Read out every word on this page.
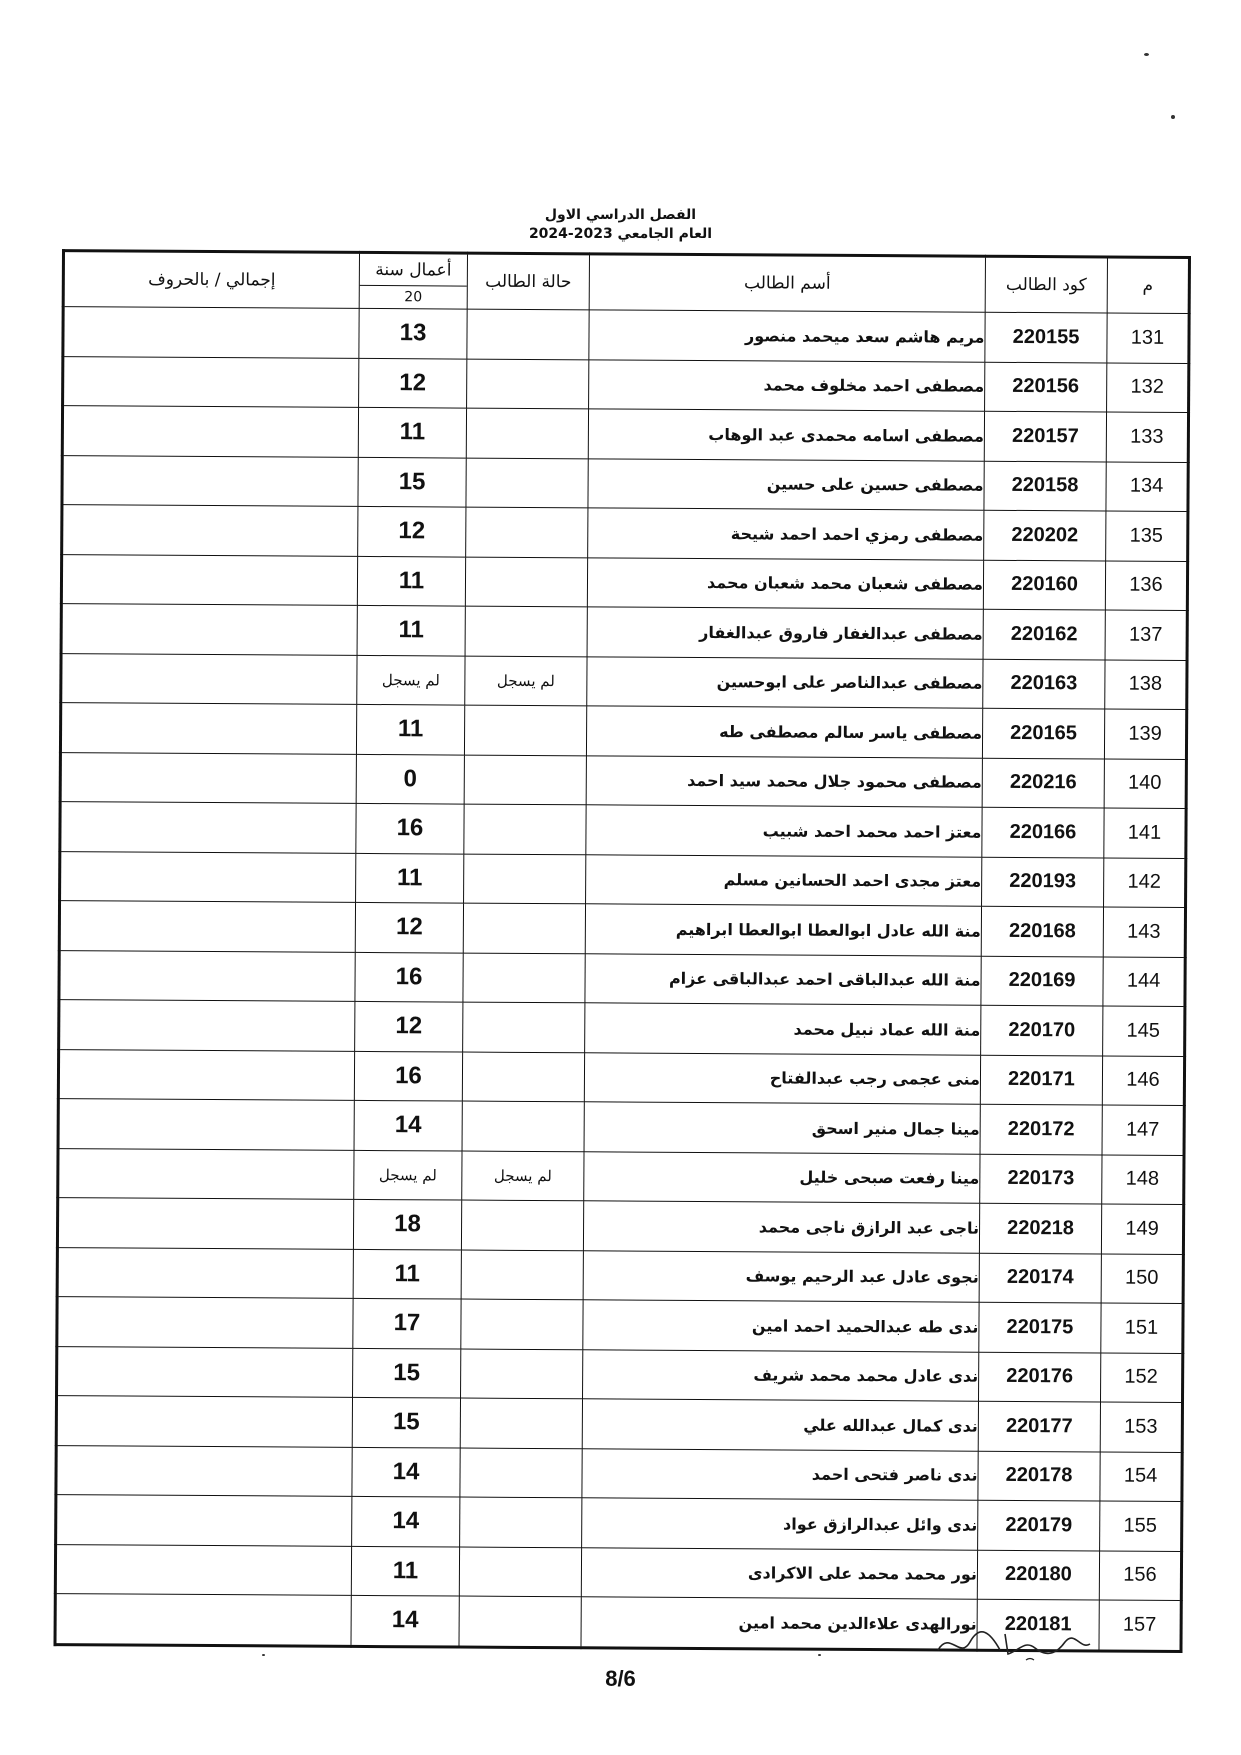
الفصل الدراسي الاول
العام الجامعي 2023-2024
م	كود الطالب	أسم الطالب	حالة الطالب	أعمال سنة
20	إجمالي / بالحروف
131	220155	مريم هاشم سعد ميحمد منصور		13	
132	220156	مصطفى احمد مخلوف محمد		12	
133	220157	مصطفى اسامه محمدى عبد الوهاب		11	
134	220158	مصطفى حسين على حسين		15	
135	220202	مصطفى رمزي احمد احمد شيحة		12	
136	220160	مصطفى شعبان محمد شعبان محمد		11	
137	220162	مصطفى عبدالغفار فاروق عبدالغفار		11	
138	220163	مصطفى عبدالناصر على ابوحسين	لم يسجل	لم يسجل	
139	220165	مصطفى ياسر سالم مصطفى طه		11	
140	220216	مصطفى محمود جلال محمد سيد احمد		0	
141	220166	معتز احمد محمد احمد شبيب		16	
142	220193	معتز مجدى احمد الحسانين مسلم		11	
143	220168	منة الله عادل ابوالعطا ابوالعطا ابراهيم		12	
144	220169	منة الله عبدالباقى احمد عبدالباقى عزام		16	
145	220170	منة الله عماد نبيل محمد		12	
146	220171	منى عجمى رجب عبدالفتاح		16	
147	220172	مينا جمال منير اسحق		14	
148	220173	مينا رفعت صبحى خليل	لم يسجل	لم يسجل	
149	220218	ناجى عبد الرازق ناجى محمد		18	
150	220174	نجوى عادل عبد الرحيم يوسف		11	
151	220175	ندى طه عبدالحميد احمد امين		17	
152	220176	ندى عادل محمد محمد شريف		15	
153	220177	ندى كمال عبدالله علي		15	
154	220178	ندى ناصر فتحى احمد		14	
155	220179	ندى وائل عبدالرازق عواد		14	
156	220180	نور محمد محمد على الاكرادى		11	
157	220181	نورالهدى علاءالدين محمد امين		14	
8/6
